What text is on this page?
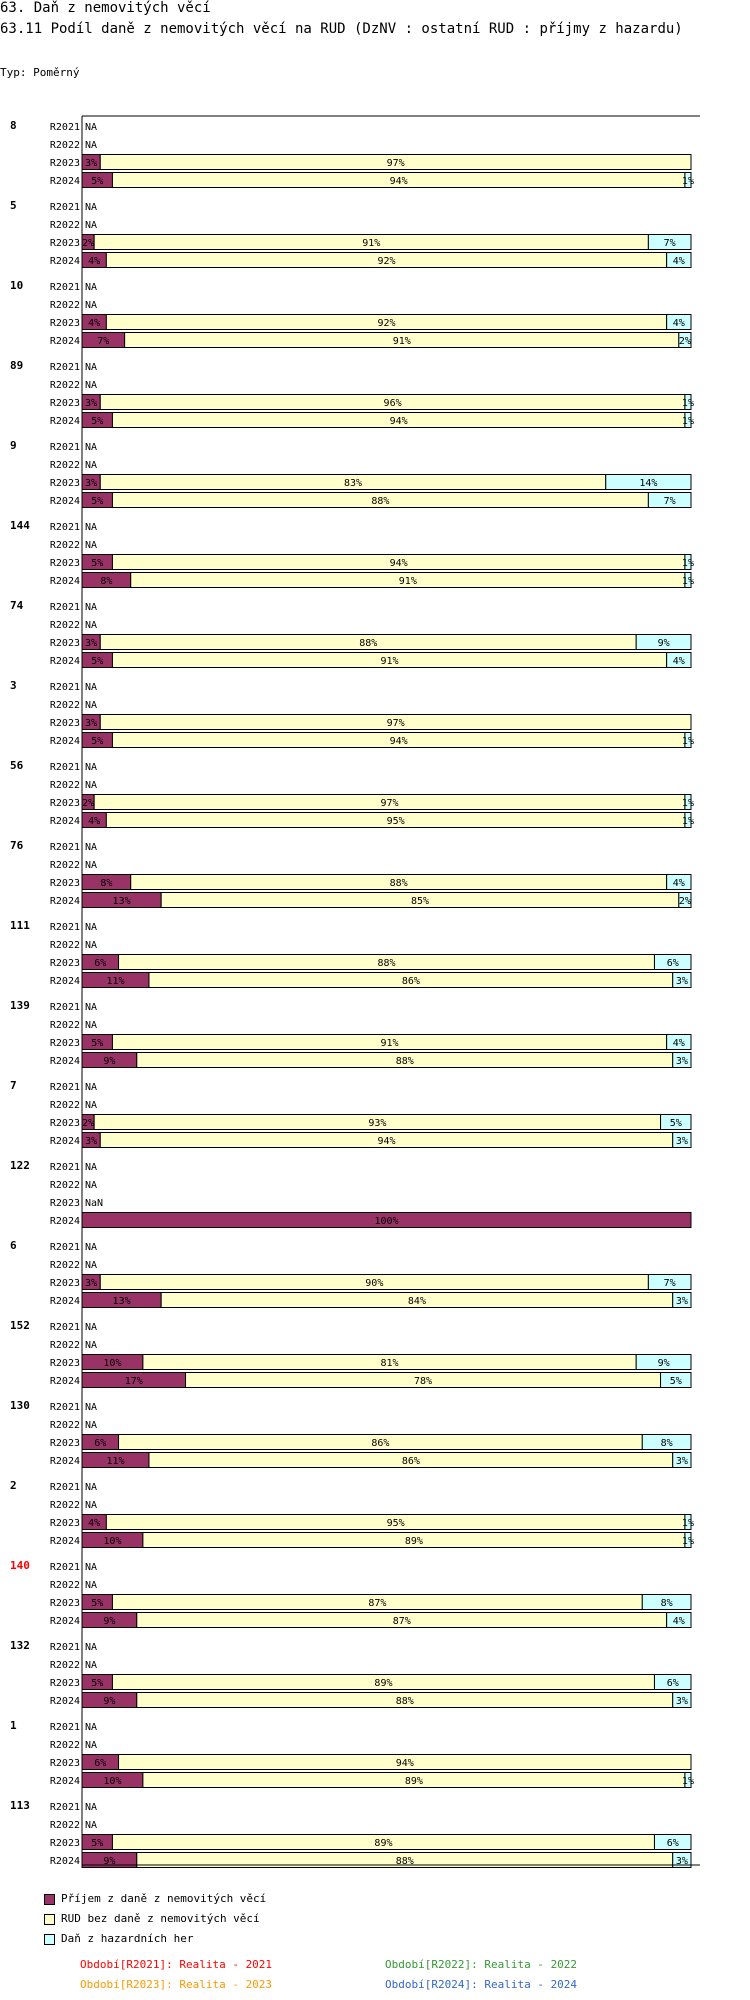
63. Daň z nemovitých věcí
63.11 Podíl daně z nemovitých věcí na RUD (DzNV : ostatní RUD : příjmy z hazardu)
Typ: Poměrný
8	R2021 NA
R2022 NA
R2023 3%	97%
R2024 5%	94%	1%
5	R2021 NA
R2022 NA
R2023 2%	91%	7%
R2024 4%	92%	4%
10	R2021 NA
R2022 NA
R2023 4%	92%	4%
R2024 7%	91%	2%
89	R2021 NA
R2022 NA
R2023 3%	96%	1%
R2024 5%	94%	1%
9	R2021 NA
R2022 NA
R2023 3%	83%	14%
R2024 5%	88%	7%
144 R2021 NA
R2022 NA
R2023 5%	94%	1%
R2024 8%	91%	1%
74	R2021 NA
R2022 NA
R2023 3%	88%	9%
R2024 5%	91%	4%
3	R2021 NA
R2022 NA
R2023 3%	97%
R2024 5%	94%	1%
56	R2021 NA
R2022 NA
R2023 2%	97%	1%
R2024 4%	95%	1%
76	R2021 NA
R2022 NA
R2023 8%	88%	4%
R2024	13%	85%	2%
111 R2021 NA
R2022 NA
R2023 6%	88%	6%
R2024	11%	86%	3%
139 R2021 NA
R2022 NA
R2023 5%	91%	4%
R2024 9%	88%	3%
7	R2021 NA
R2022 NA
R2023 2%	93%	5%
R2024 3%	94%	3%
122 R2021 NA
R2022 NA
R2023 NaN
R2024	100%
6	R2021 NA
R2022 NA
R2023 3%	90%	7%
R2024	13%	84%	3%
152 R2021 NA
R2022 NA
R2023 10%	81%	9%
R2024	17%	78%	5%
130 R2021 NA
R2022 NA
R2023 6%	86%	8%
R2024	11%	86%	3%
2	R2021 NA
R2022 NA
R2023 4%	95%	1%
R2024 10%	89%	1%
140 R2021 NA
R2022 NA
R2023 5%	87%	8%
R2024 9%	87%	4%
132 R2021 NA
R2022 NA
R2023 5%	89%	6%
R2024 9%	88%	3%
1	R2021 NA
R2022 NA
R2023 6%	94%
R2024 10%	89%	1%
113 R2021 NA
R2022 NA
R2023 5%	89%	6%
R2024 9%	88%	3%
Příjem z daně z nemovitých věcí
RUD bez daně z nemovitých věcí
Daň z hazardních her
Období[R2021]: Realita - 2021	Období[R2022]: Realita - 2022
Období[R2023]: Realita - 2023	Období[R2024]: Realita - 2024
